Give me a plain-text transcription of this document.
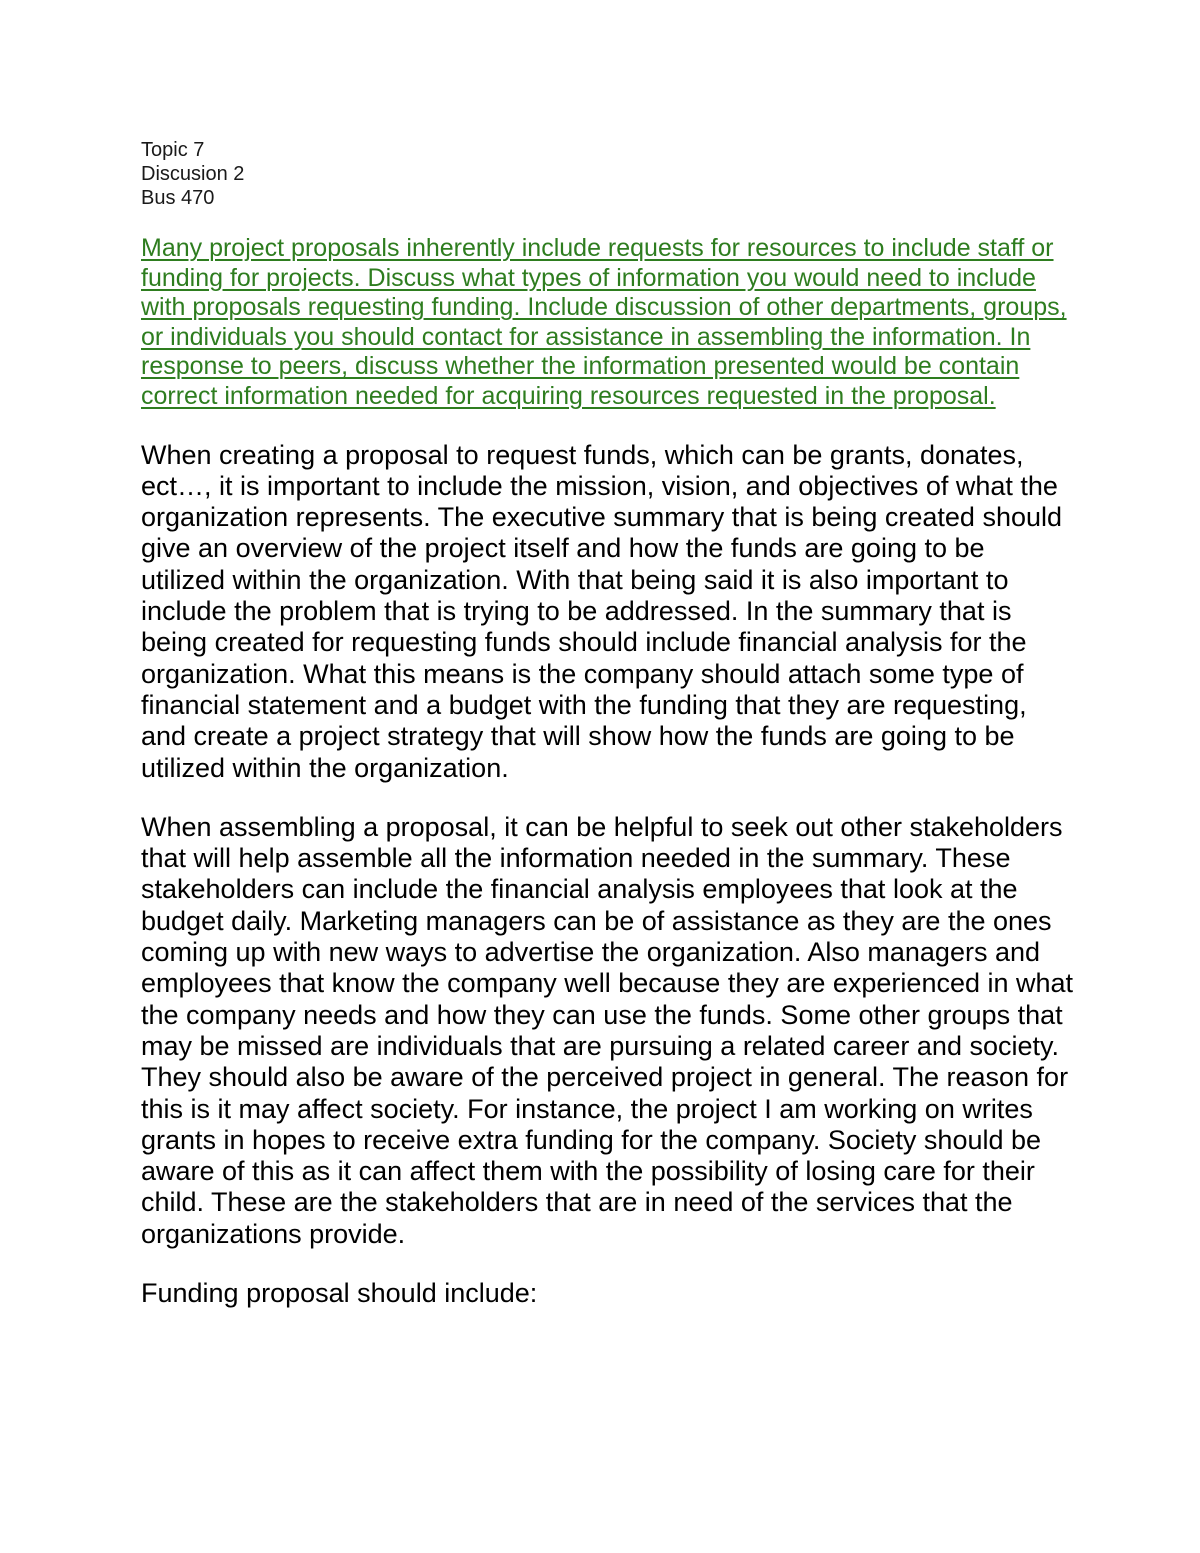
Topic 7
Discusion 2
Bus 470
Many project proposals inherently include requests for resources to include staff or funding for projects. Discuss what types of information you would need to include with proposals requesting funding. Include discussion of other departments, groups, or individuals you should contact for assistance in assembling the information. In response to peers, discuss whether the information presented would be contain correct information needed for acquiring resources requested in the proposal.
When creating a proposal to request funds, which can be grants, donates, ect…, it is important to include the mission, vision, and objectives of what the organization represents. The executive summary that is being created should give an overview of the project itself and how the funds are going to be utilized within the organization. With that being said it is also important to include the problem that is trying to be addressed. In the summary that is being created for requesting funds should include financial analysis for the organization. What this means is the company should attach some type of financial statement and a budget with the funding that they are requesting, and create a project strategy that will show how the funds are going to be utilized within the organization.
When assembling a proposal, it can be helpful to seek out other stakeholders that will help assemble all the information needed in the summary. These stakeholders can include the financial analysis employees that look at the budget daily. Marketing managers can be of assistance as they are the ones coming up with new ways to advertise the organization. Also managers and employees that know the company well because they are experienced in what the company needs and how they can use the funds. Some other groups that may be missed are individuals that are pursuing a related career and society. They should also be aware of the perceived project in general. The reason for this is it may affect society. For instance, the project I am working on writes grants in hopes to receive extra funding for the company. Society should be aware of this as it can affect them with the possibility of losing care for their child. These are the stakeholders that are in need of the services that the organizations provide.
Funding proposal should include:
